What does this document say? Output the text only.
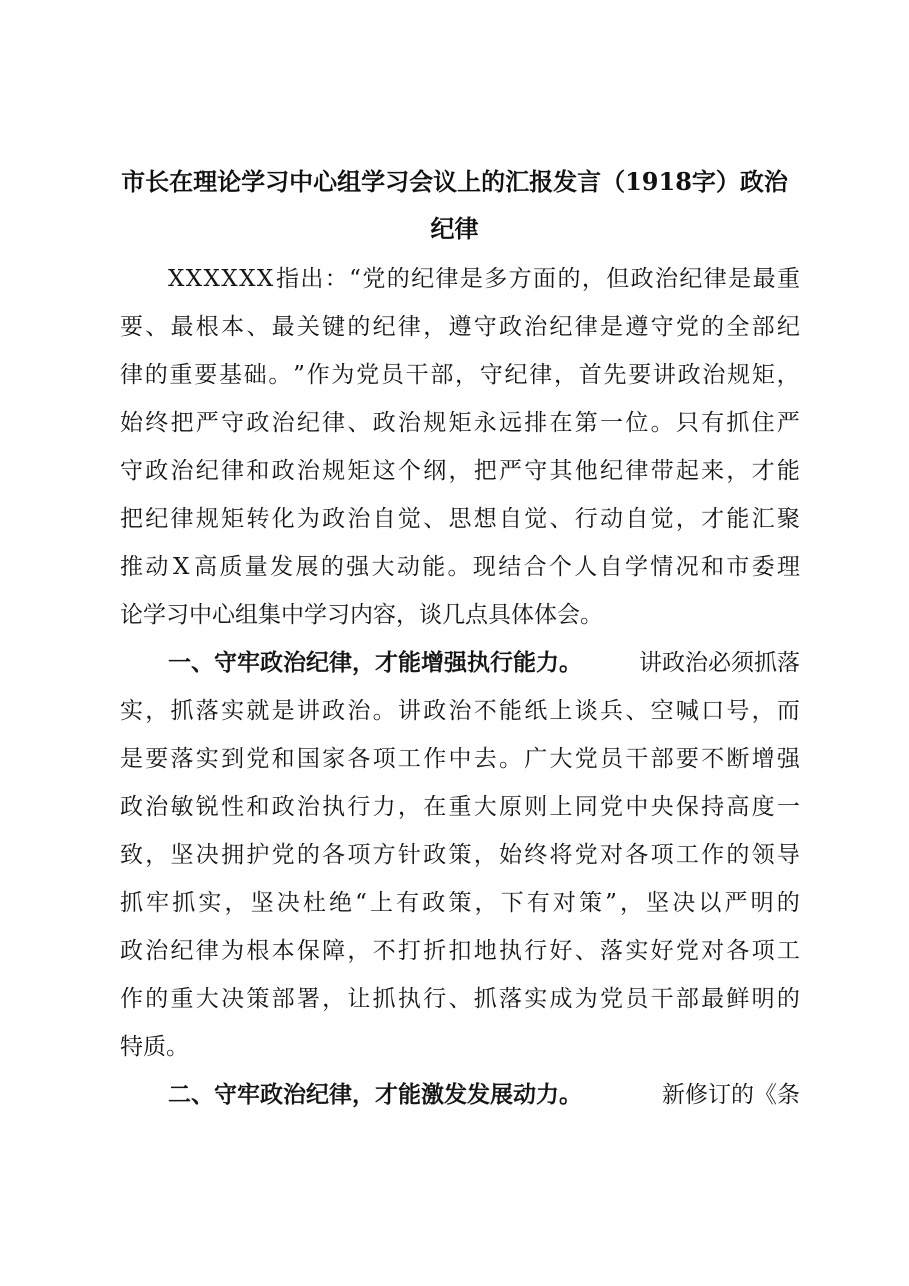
市长在理论学习中心组学习会议上的汇报发言（1918字）政治
纪律
X X X X X X 指 出 ： “ 党 的 纪 律 是 多 方 面 的 ， 但 政 治 纪 律 是 最 重
要 、 最 根 本 、 最 关 键 的 纪 律 ， 遵 守 政 治 纪 律 是 遵 守 党 的 全 部 纪
律 的 重 要 基 础 。 ” 作 为 党 员 干 部 ， 守 纪 律 ， 首 先 要 讲 政 治 规 矩 ，
始 终 把 严 守 政 治 纪 律 、 政 治 规 矩 永 远 排 在 第 一 位 。 只 有 抓 住 严
守 政 治 纪 律 和 政 治 规 矩 这 个 纲 ， 把 严 守 其 他 纪 律 带 起 来 ， 才 能
把 纪 律 规 矩 转 化 为 政 治 自 觉 、 思 想 自 觉 、 行 动 自 觉 ， 才 能 汇 聚
推 动 X 高 质 量 发 展 的 强 大 动 能 。 现 结 合 个 人 自 学 情 况 和 市 委 理
论学习中心组集中学习内容，谈几点具体体会。
一、守牢政治纪律，才能增强执行能力。 讲政治必须抓落
实 ， 抓 落 实 就 是 讲 政 治 。 讲 政 治 不 能 纸 上 谈 兵 、 空 喊 口 号 ， 而
是 要 落 实 到 党 和 国 家 各 项 工 作 中 去 。 广 大 党 员 干 部 要 不 断 增 强
政 治 敏 锐 性 和 政 治 执 行 力 ， 在 重 大 原 则 上 同 党 中 央 保 持 高 度 一
致 ， 坚 决 拥 护 党 的 各 项 方 针 政 策 ， 始 终 将 党 对 各 项 工 作 的 领 导
抓 牢 抓 实 ， 坚 决 杜 绝 “ 上 有 政 策 ， 下 有 对 策 ” ， 坚 决 以 严 明 的
政 治 纪 律 为 根 本 保 障 ， 不 打 折 扣 地 执 行 好 、 落 实 好 党 对 各 项 工
作 的 重 大 决 策 部 署 ， 让 抓 执 行 、 抓 落 实 成 为 党 员 干 部 最 鲜 明 的
特质。
二、守牢政治纪律，才能激发发展动力。	新修订的《条
